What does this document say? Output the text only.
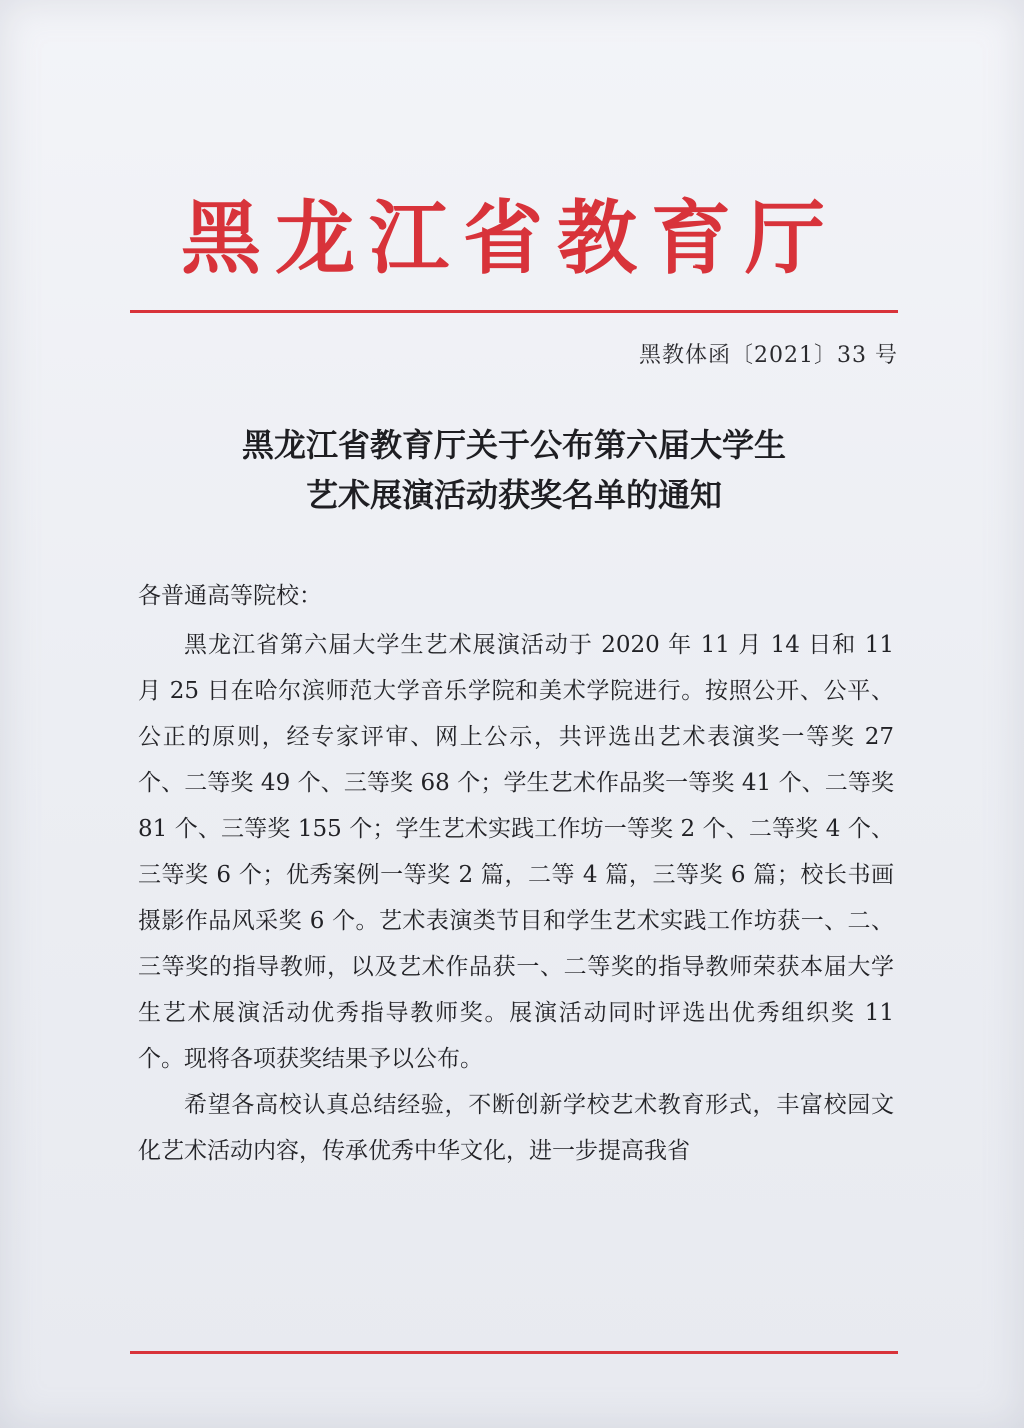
黑龙江省教育厅
黑教体函〔2021〕33 号
黑龙江省教育厅关于公布第六届大学生
艺术展演活动获奖名单的通知
各普通高等院校：

黑龙江省第六届大学生艺术展演活动于 2020 年 11 月 14 日和 11 月 25 日在哈尔滨师范大学音乐学院和美术学院进行。按照公开、公平、公正的原则，经专家评审、网上公示，共评选出艺术表演奖一等奖 27 个、二等奖 49 个、三等奖 68 个；学生艺术作品奖一等奖 41 个、二等奖 81 个、三等奖 155 个；学生艺术实践工作坊一等奖 2 个、二等奖 4 个、三等奖 6 个；优秀案例一等奖 2 篇，二等 4 篇，三等奖 6 篇；校长书画摄影作品风采奖 6 个。艺术表演类节目和学生艺术实践工作坊获一、二、三等奖的指导教师，以及艺术作品获一、二等奖的指导教师荣获本届大学生艺术展演活动优秀指导教师奖。展演活动同时评选出优秀组织奖 11 个。现将各项获奖结果予以公布。

希望各高校认真总结经验，不断创新学校艺术教育形式，丰富校园文化艺术活动内容，传承优秀中华文化，进一步提高我省
